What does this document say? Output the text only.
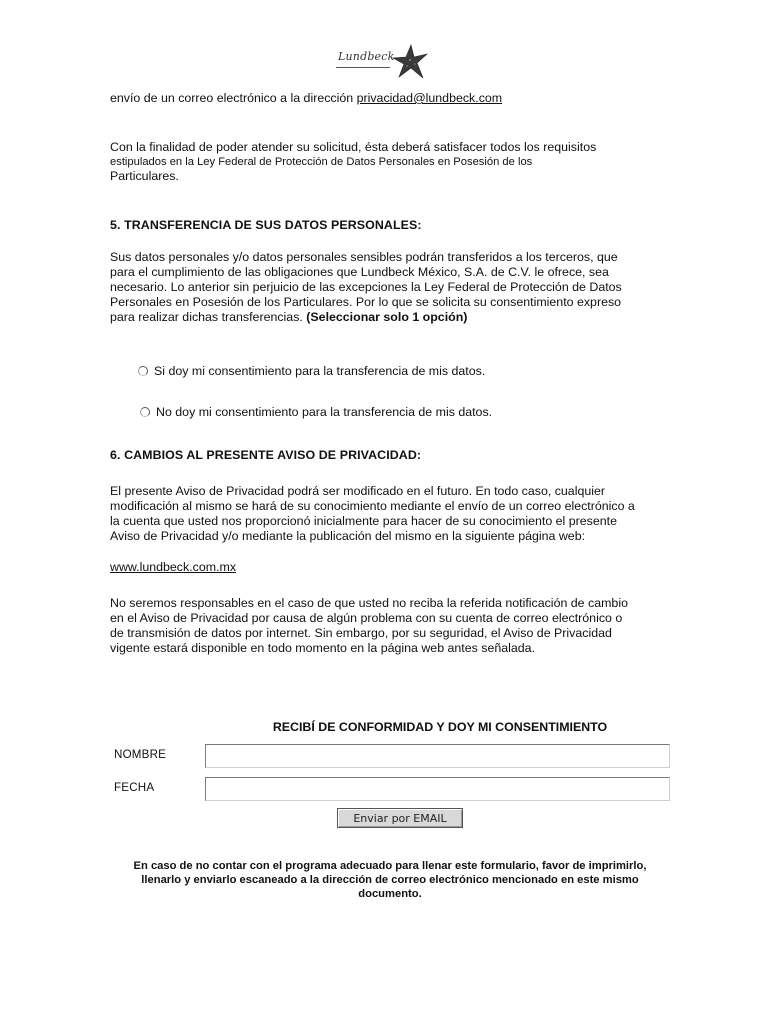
Lundbeck

envío de un correo electrónico a la dirección privacidad@lundbeck.com

Con la finalidad de poder atender su solicitud, ésta deberá satisfacer todos los requisitos

estipulados en la Ley Federal de Protección de Datos Personales en Posesión de los

Particulares.

5. TRANSFERENCIA DE SUS DATOS PERSONALES:

Sus datos personales y/o datos personales sensibles podrán transferidos a los terceros, que

para el cumplimiento de las obligaciones que Lundbeck México, S.A. de C.V. le ofrece, sea

necesario. Lo anterior sin perjuicio de las excepciones la Ley Federal de Protección de Datos

Personales en Posesión de los Particulares. Por lo que se solicita su consentimiento expreso

para realizar dichas transferencias. (Seleccionar solo 1 opción)

Si doy mi consentimiento para la transferencia de mis datos.
No doy mi consentimiento para la transferencia de mis datos.
6. CAMBIOS AL PRESENTE AVISO DE PRIVACIDAD:

El presente Aviso de Privacidad podrá ser modificado en el futuro. En todo caso, cualquier

modificación al mismo se hará de su conocimiento mediante el envío de un correo electrónico a

la cuenta que usted nos proporcionó inicialmente para hacer de su conocimiento el presente

Aviso de Privacidad y/o mediante la publicación del mismo en la siguiente página web:

www.lundbeck.com.mx

No seremos responsables en el caso de que usted no reciba la referida notificación de cambio

en el Aviso de Privacidad por causa de algún problema con su cuenta de correo electrónico o

de transmisión de datos por internet. Sin embargo, por su seguridad, el Aviso de Privacidad

vigente estará disponible en todo momento en la página web antes señalada.

RECIBÍ DE CONFORMIDAD Y DOY MI CONSENTIMIENTO
NOMBRE
FECHA
Enviar por EMAIL
En caso de no contar con el programa adecuado para llenar este formulario, favor de imprimirlo,
llenarlo y enviarlo escaneado a la dirección de correo electrónico mencionado en este mismo
documento.
